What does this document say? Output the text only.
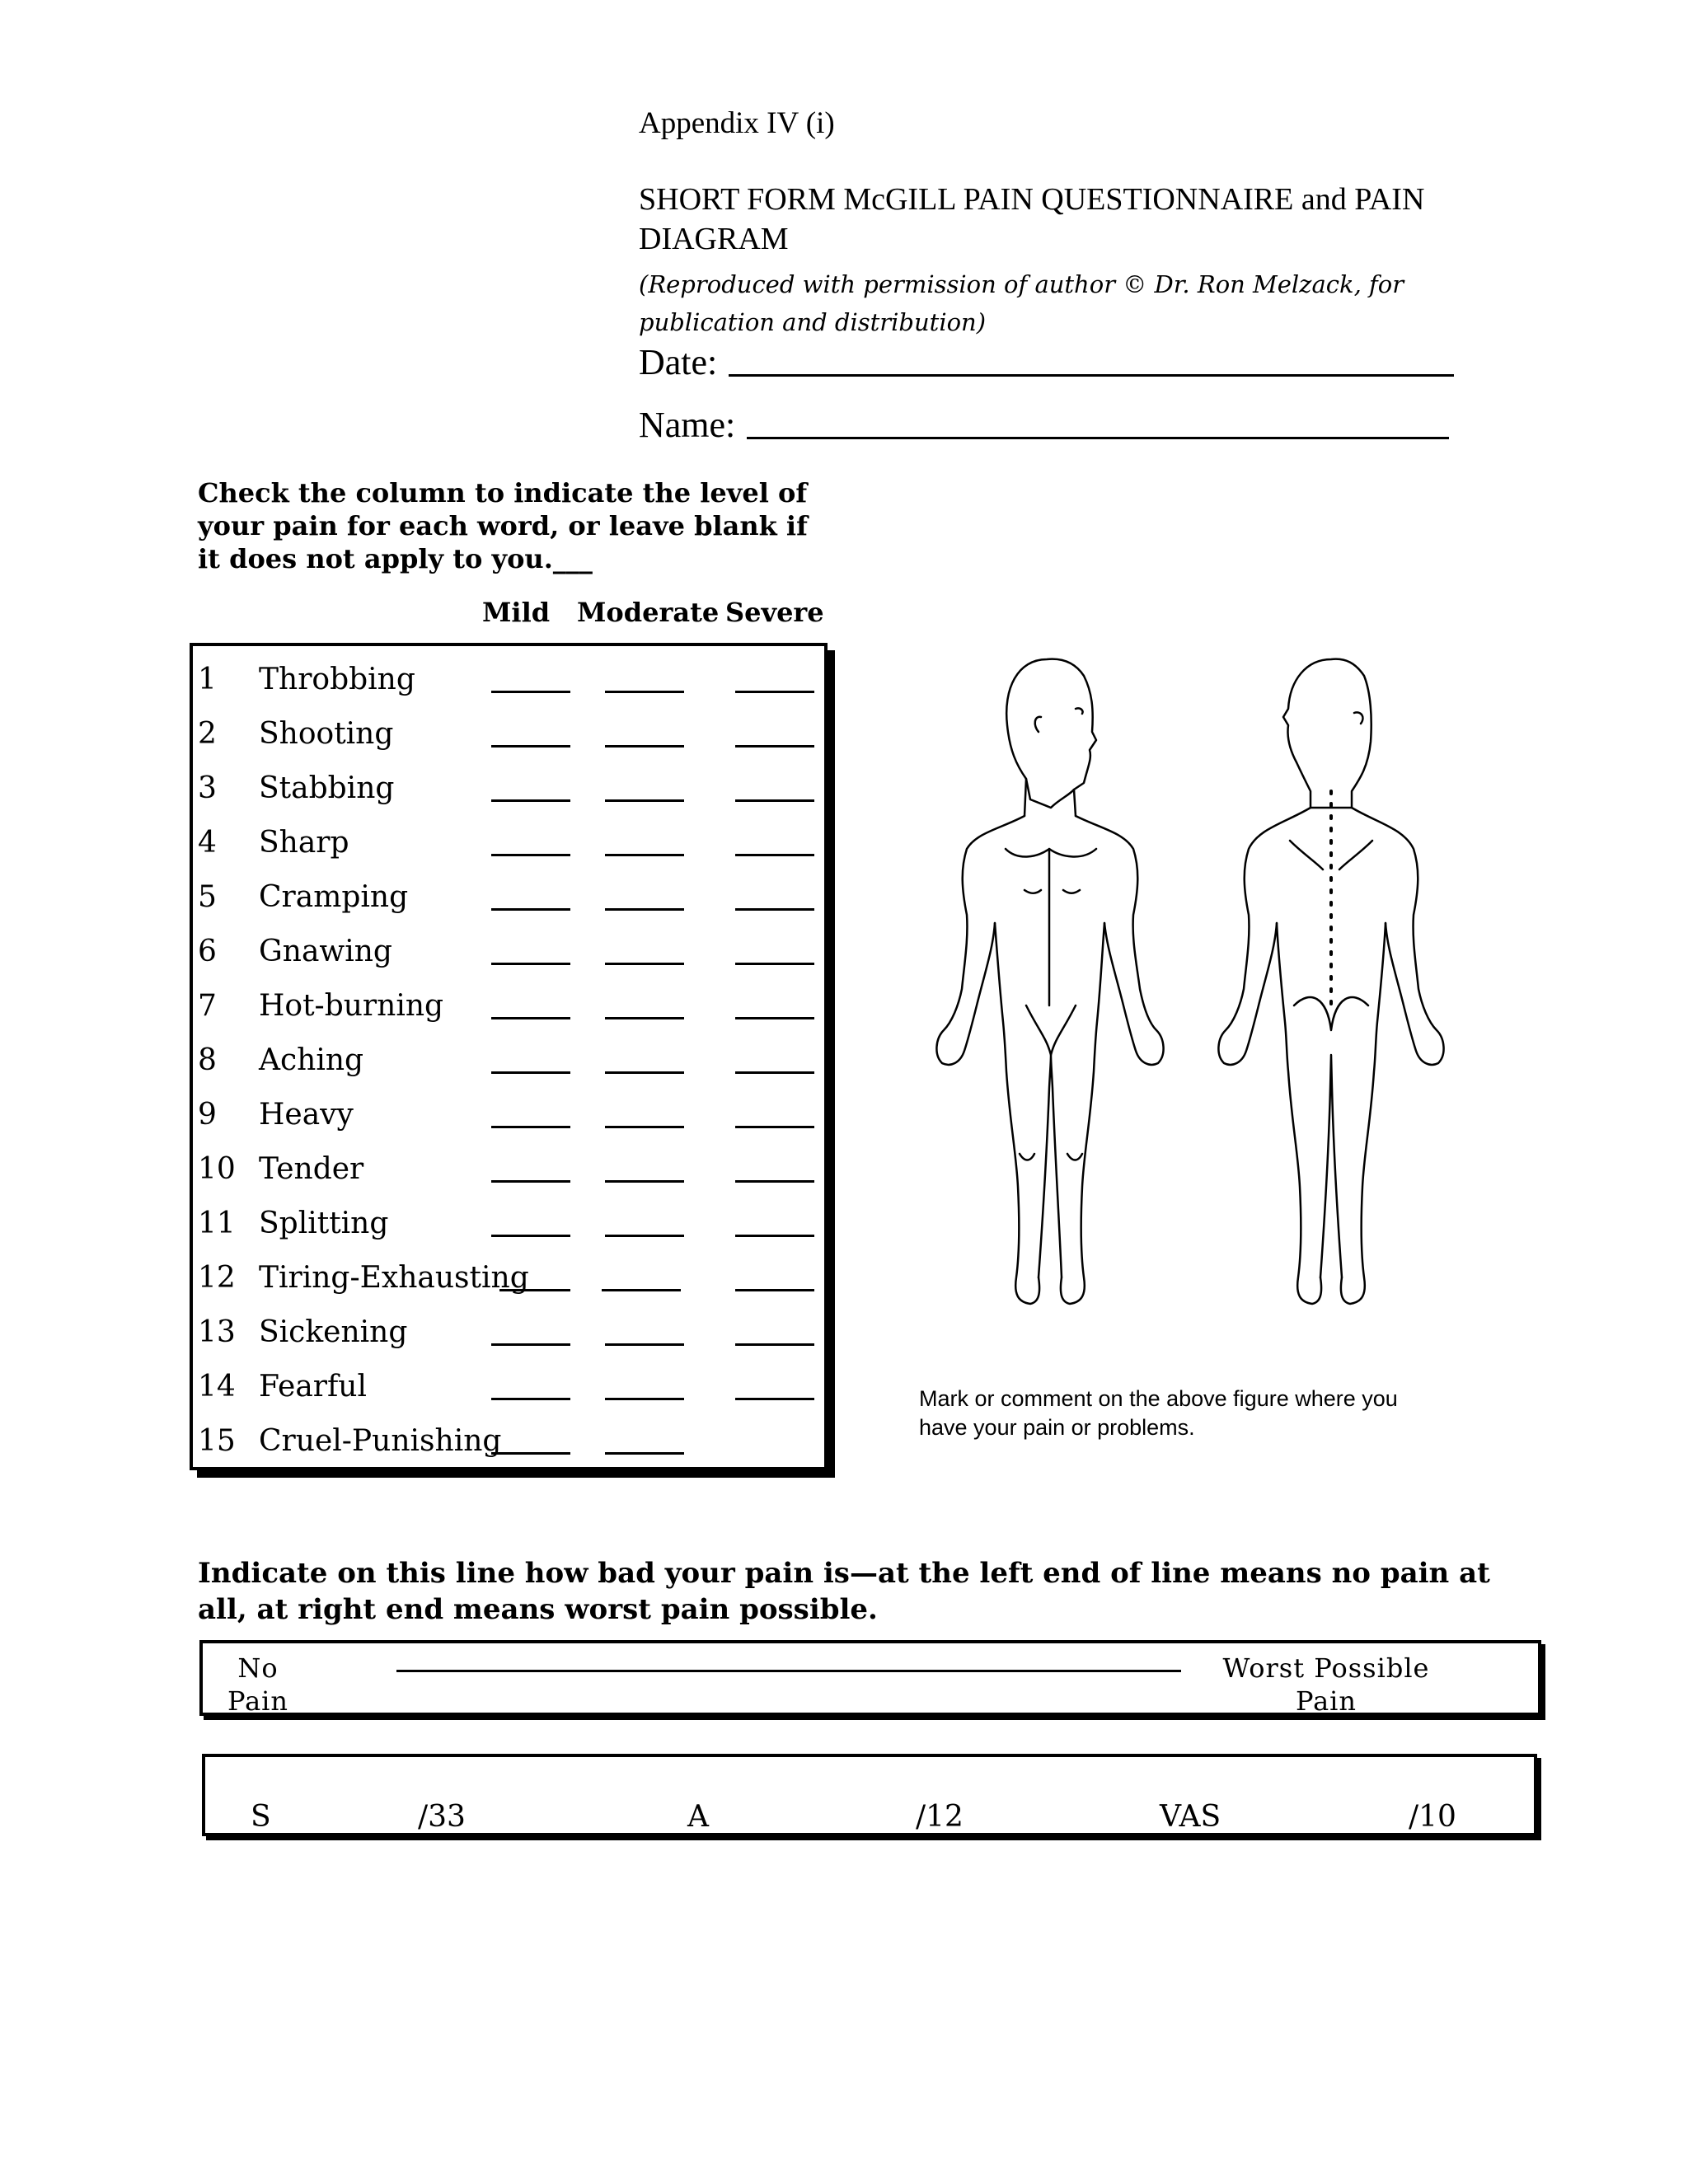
Appendix IV (i)
SHORT FORM McGILL PAIN QUESTIONNAIRE and PAIN DIAGRAM
(Reproduced with permission of author © Dr. Ron Melzack, for publication and distribution)
Date:
Name:
Check the column to indicate the level of your pain for each word, or leave blank if it does not apply to you.___
Mild Moderate Severe
1 Throbbing
2 Shooting
3 Stabbing
4 Sharp
5 Cramping
6 Gnawing
7 Hot-burning
8 Aching
9 Heavy
10 Tender
11 Splitting
12 Tiring-Exhausting
13 Sickening
14 Fearful
15 Cruel-Punishing
Mark or comment on the above figure where you have your pain or problems.
Indicate on this line how bad your pain is—at the left end of line means no pain at all, at right end means worst pain possible.
No
Pain
Worst Possible
Pain
S	/33	A	/12	VAS	/10
